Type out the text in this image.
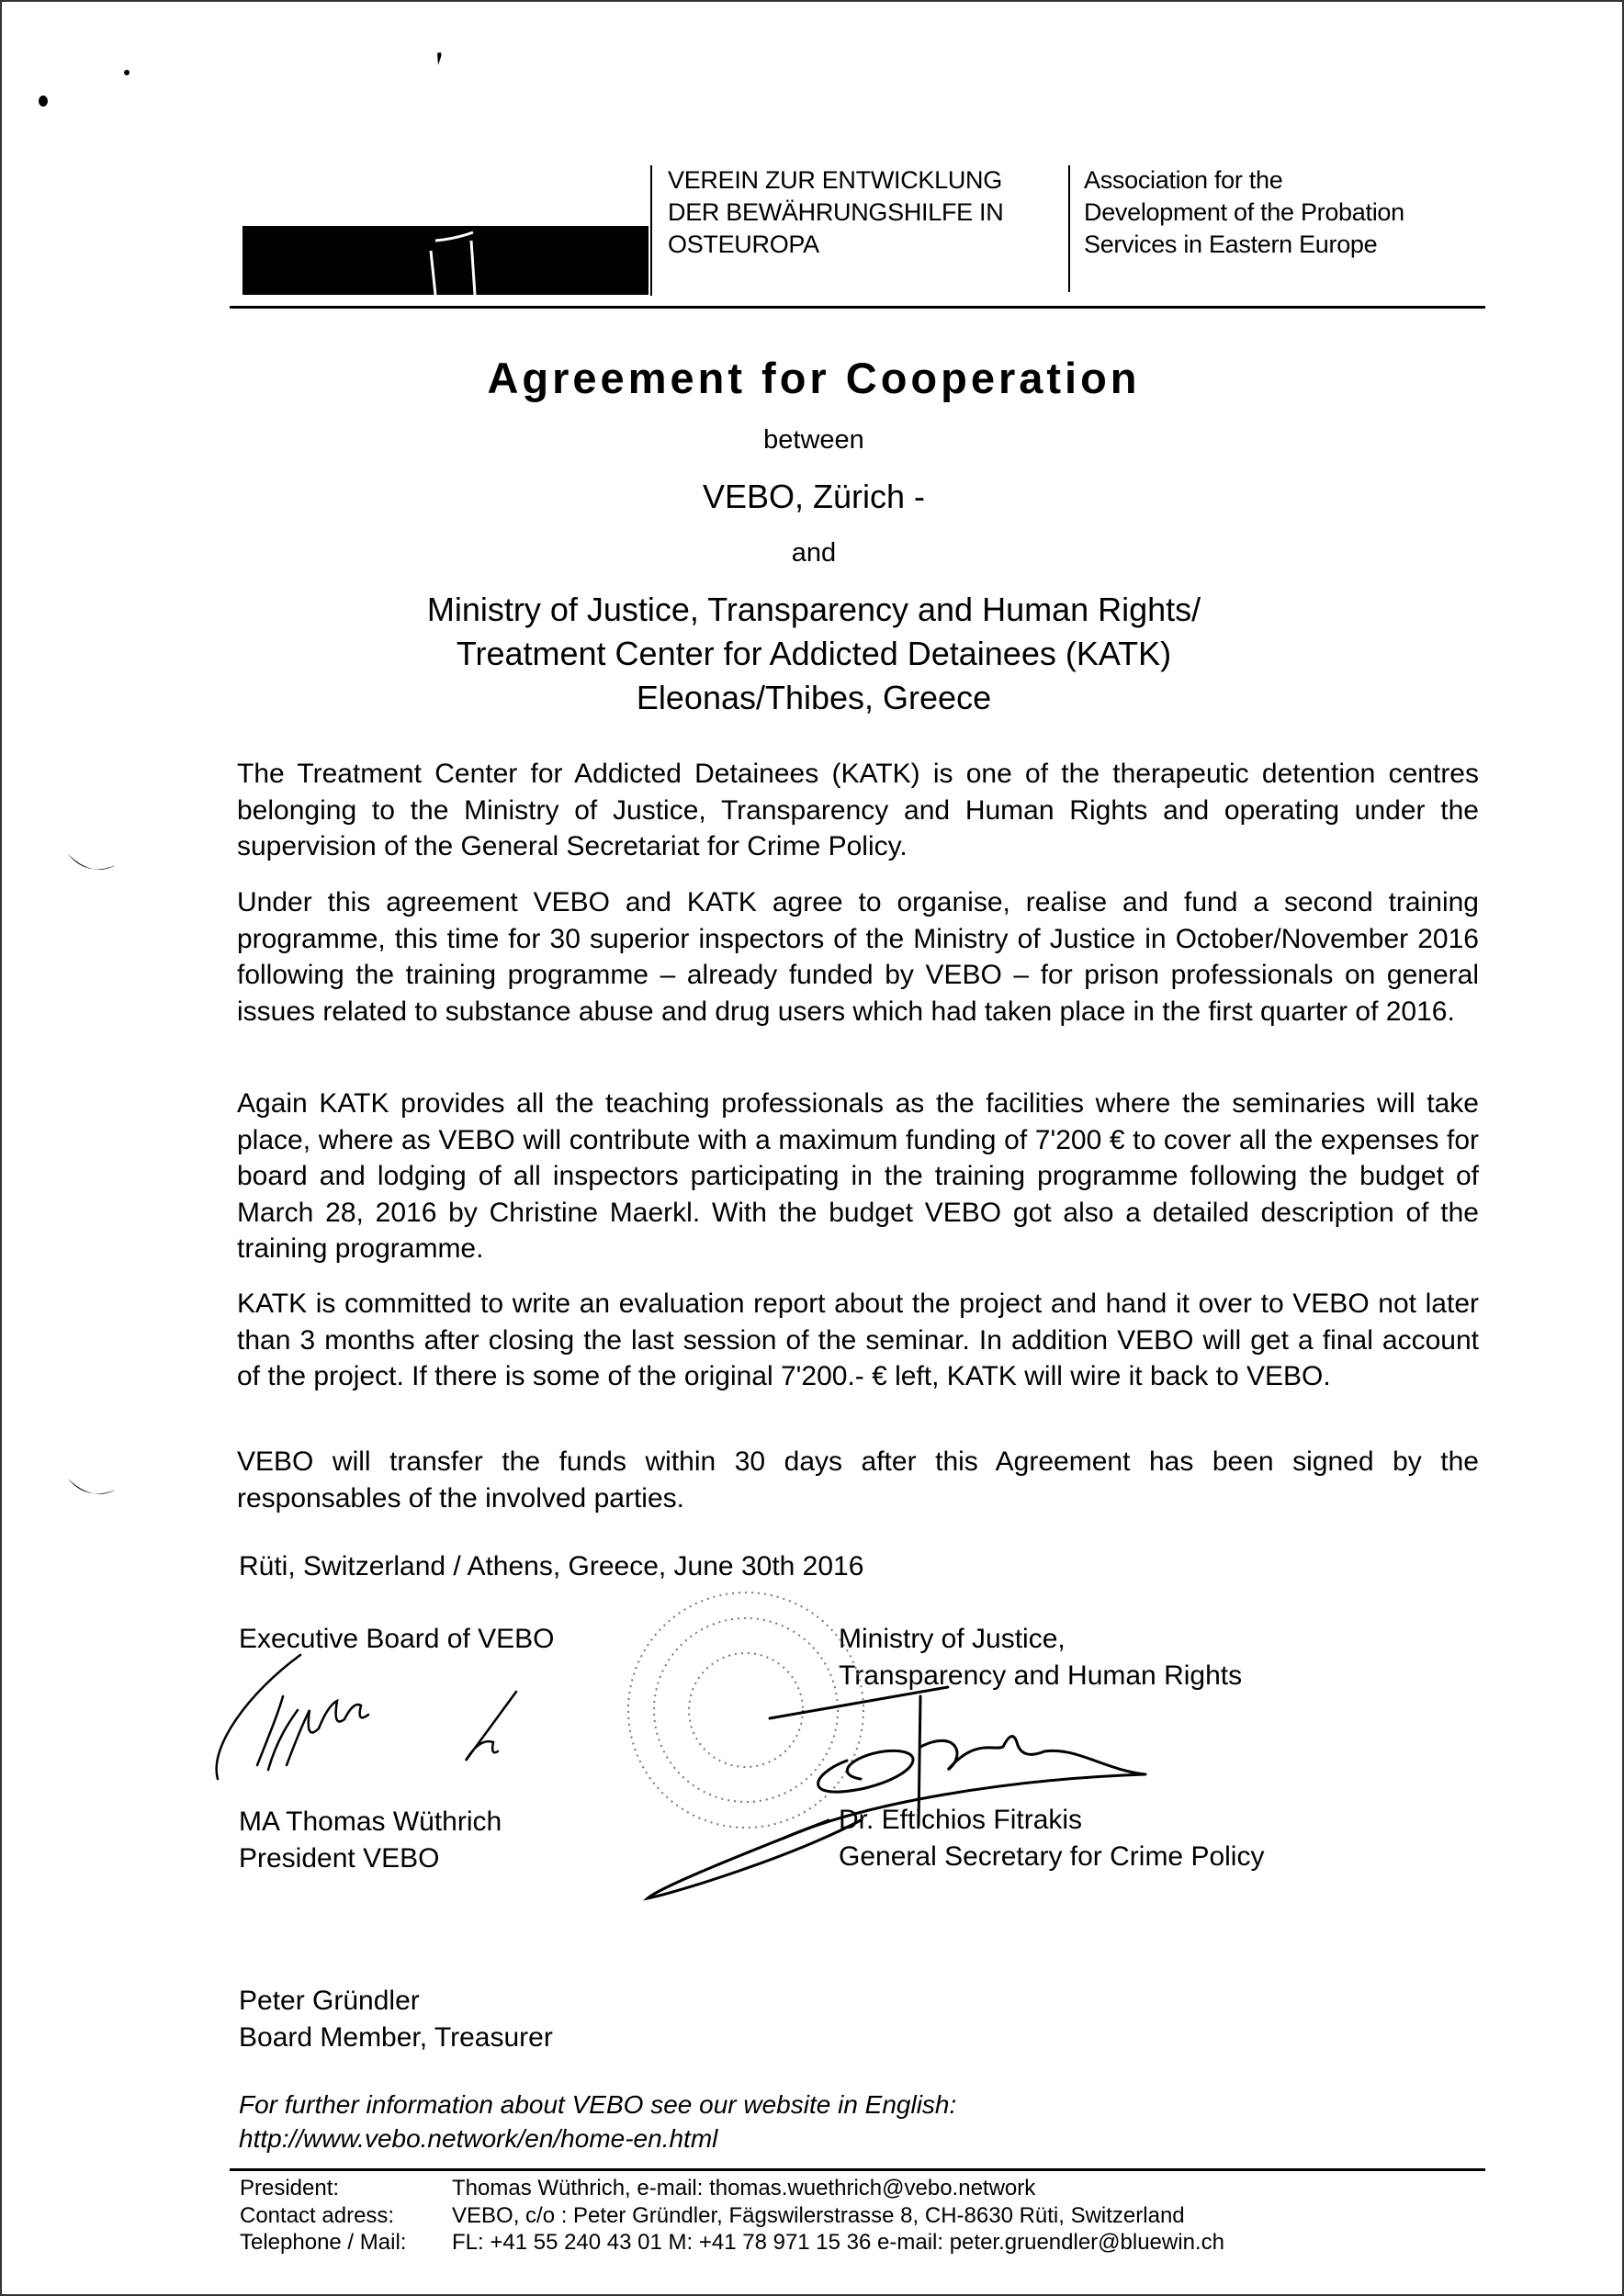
VEREIN ZUR ENTWICKLUNG
DER BEWÄHRUNGSHILFE IN
OSTEUROPA
Association for the
Development of the Probation
Services in Eastern Europe
Agreement for Cooperation
between
VEBO, Zürich -
and
Ministry of Justice, Transparency and Human Rights/
Treatment Center for Addicted Detainees (KATK)
Eleonas/Thibes, Greece

The Treatment Center for Addicted Detainees (KATK) is one of the therapeutic detention centres belonging to the Ministry of Justice, Transparency and Human Rights and operating under the supervision of the General Secretariat for Crime Policy.

Under this agreement VEBO and KATK agree to organise, realise and fund a second training programme, this time for 30 superior inspectors of the Ministry of Justice in October/November 2016 following the training programme – already funded by VEBO – for prison professionals on general issues related to substance abuse and drug users which had taken place in the first quarter of 2016.

Again KATK provides all the teaching professionals as the facilities where the seminaries will take place, where as VEBO will contribute with a maximum funding of 7'200 € to cover all the expenses for board and lodging of all inspectors participating in the training programme following the budget of March 28, 2016 by Christine Maerkl. With the budget VEBO got also a detailed description of the training programme.

KATK is committed to write an evaluation report about the project and hand it over to VEBO not later than 3 months after closing the last session of the seminar. In addition VEBO will get a final account of the project. If there is some of the original 7'200.- € left, KATK will wire it back to VEBO.

VEBO will transfer the funds within 30 days after this Agreement has been signed by the responsables of the involved parties.

Rüti, Switzerland / Athens, Greece, June 30th 2016
Executive Board of VEBO
MA Thomas Wüthrich
President VEBO
Ministry of Justice,
Transparency and Human Rights
Dr. Eftichios Fitrakis
General Secretary for Crime Policy
Peter Gründler
Board Member, Treasurer
For further information about VEBO see our website in English:
http://www.vebo.network/en/home-en.html
President:	Thomas Wüthrich, e-mail: thomas.wuethrich@vebo.network
Contact adress:	VEBO, c/o : Peter Gründler, Fägswilerstrasse 8, CH-8630 Rüti, Switzerland
Telephone / Mail:	FL: +41 55 240 43 01 M: +41 78 971 15 36 e-mail: peter.gruendler@bluewin.ch
